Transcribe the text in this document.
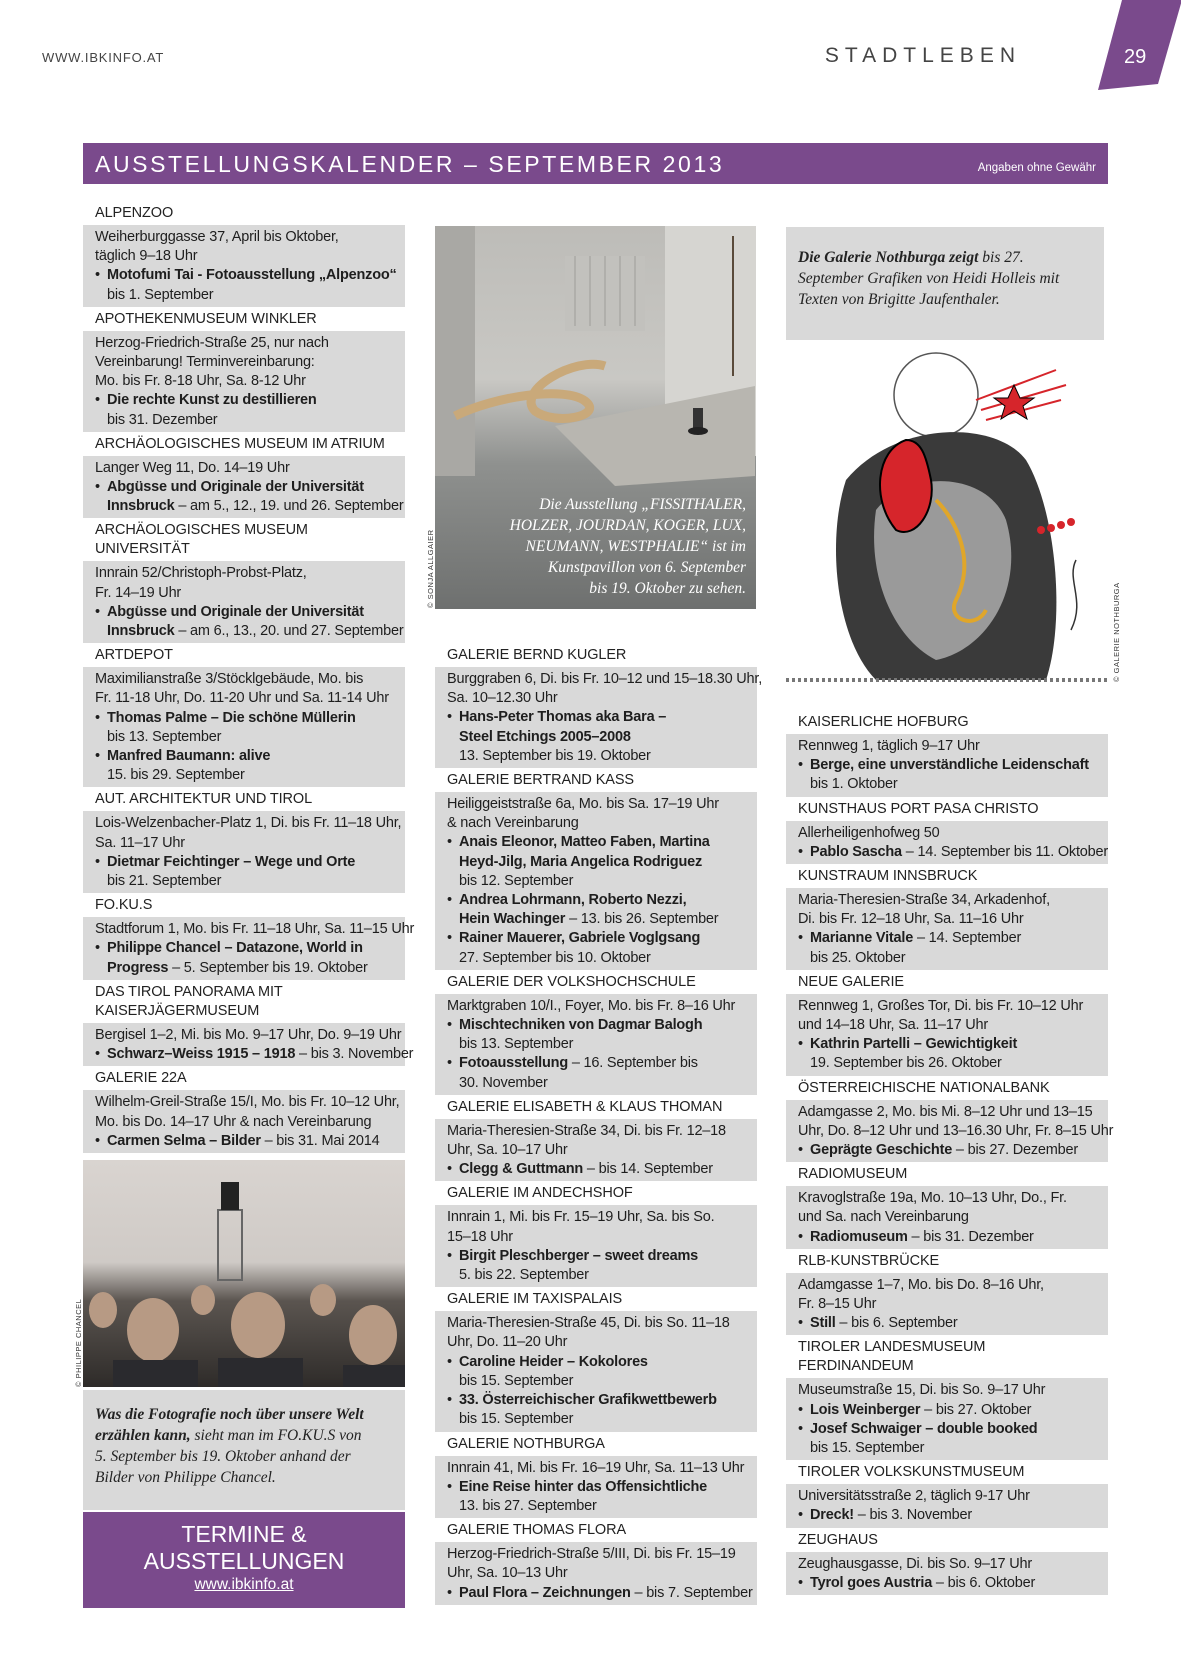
WWW.IBKINFO.AT	STADTLEBEN	29
AUSSTELLUNGSKALENDER – SEPTEMBER 2013	Angaben ohne Gewähr
ALPENZOO
Weiherburggasse 37, April bis Oktober,
täglich 9–18 Uhr
• Motofumi Tai - Fotoausstellung „Alpenzoo“
bis 1. September
APOTHEKENMUSEUM WINKLER
Herzog-Friedrich-Straße 25, nur nach
Vereinbarung! Terminvereinbarung:
Mo. bis Fr. 8-18 Uhr, Sa. 8-12 Uhr
• Die rechte Kunst zu destillieren
bis 31. Dezember
ARCHÄOLOGISCHES MUSEUM IM ATRIUM
Langer Weg 11, Do. 14–19 Uhr
• Abgüsse und Originale der Universität
Innsbruck – am 5., 12., 19. und 26. September
ARCHÄOLOGISCHES MUSEUM
UNIVERSITÄT
Innrain 52/Christoph-Probst-Platz,
Fr. 14–19 Uhr
• Abgüsse und Originale der Universität
Innsbruck – am 6., 13., 20. und 27. September
ARTDEPOT
Maximilianstraße 3/Stöcklgebäude, Mo. bis
Fr. 11-18 Uhr, Do. 11-20 Uhr und Sa. 11-14 Uhr
• Thomas Palme – Die schöne Müllerin
bis 13. September
• Manfred Baumann: alive
15. bis 29. September
AUT. ARCHITEKTUR UND TIROL
Lois-Welzenbacher-Platz 1, Di. bis Fr. 11–18 Uhr,
Sa. 11–17 Uhr
• Dietmar Feichtinger – Wege und Orte
bis 21. September
FO.KU.S
Stadtforum 1, Mo. bis Fr. 11–18 Uhr, Sa. 11–15 Uhr
• Philippe Chancel – Datazone, World in
Progress – 5. September bis 19. Oktober
DAS TIROL PANORAMA MIT
KAISERJÄGERMUSEUM
Bergisel 1–2, Mi. bis Mo. 9–17 Uhr, Do. 9–19 Uhr
• Schwarz–Weiss 1915 – 1918 – bis 3. November
GALERIE 22A
Wilhelm-Greil-Straße 15/I, Mo. bis Fr. 10–12 Uhr,
Mo. bis Do. 14–17 Uhr & nach Vereinbarung
• Carmen Selma – Bilder – bis 31. Mai 2014
GALERIE BERND KUGLER
Burggraben 6, Di. bis Fr. 10–12 und 15–18.30 Uhr,
Sa. 10–12.30 Uhr
• Hans-Peter Thomas aka Bara –
Steel Etchings 2005–2008
13. September bis 19. Oktober
GALERIE BERTRAND KASS
Heiliggeiststraße 6a, Mo. bis Sa. 17–19 Uhr
& nach Vereinbarung
• Anais Eleonor, Matteo Faben, Martina
Heyd-Jilg, Maria Angelica Rodriguez
bis 12. September
• Andrea Lohrmann, Roberto Nezzi,
Hein Wachinger – 13. bis 26. September
• Rainer Mauerer, Gabriele Voglgsang
27. September bis 10. Oktober
GALERIE DER VOLKSHOCHSCHULE
Marktgraben 10/I., Foyer, Mo. bis Fr. 8–16 Uhr
• Mischtechniken von Dagmar Balogh
bis 13. September
• Fotoausstellung – 16. September bis
30. November
GALERIE ELISABETH & KLAUS THOMAN
Maria-Theresien-Straße 34, Di. bis Fr. 12–18
Uhr, Sa. 10–17 Uhr
• Clegg & Guttmann – bis 14. September
GALERIE IM ANDECHSHOF
Innrain 1, Mi. bis Fr. 15–19 Uhr, Sa. bis So.
15–18 Uhr
• Birgit Pleschberger – sweet dreams
5. bis 22. September
GALERIE IM TAXISPALAIS
Maria-Theresien-Straße 45, Di. bis So. 11–18
Uhr, Do. 11–20 Uhr
• Caroline Heider – Kokolores
bis 15. September
• 33. Österreichischer Grafikwettbewerb
bis 15. September
GALERIE NOTHBURGA
Innrain 41, Mi. bis Fr. 16–19 Uhr, Sa. 11–13 Uhr
• Eine Reise hinter das Offensichtliche
13. bis 27. September
GALERIE THOMAS FLORA
Herzog-Friedrich-Straße 5/III, Di. bis Fr. 15–19
Uhr, Sa. 10–13 Uhr
• Paul Flora – Zeichnungen – bis 7. September
KAISERLICHE HOFBURG
Rennweg 1, täglich 9–17 Uhr
• Berge, eine unverständliche Leidenschaft
bis 1. Oktober
KUNSTHAUS PORT PASA CHRISTO
Allerheiligenhofweg 50
• Pablo Sascha – 14. September bis 11. Oktober
KUNSTRAUM INNSBRUCK
Maria-Theresien-Straße 34, Arkadenhof,
Di. bis Fr. 12–18 Uhr, Sa. 11–16 Uhr
• Marianne Vitale – 14. September
bis 25. Oktober
NEUE GALERIE
Rennweg 1, Großes Tor, Di. bis Fr. 10–12 Uhr
und 14–18 Uhr, Sa. 11–17 Uhr
• Kathrin Partelli – Gewichtigkeit
19. September bis 26. Oktober
ÖSTERREICHISCHE NATIONALBANK
Adamgasse 2, Mo. bis Mi. 8–12 Uhr und 13–15
Uhr, Do. 8–12 Uhr und 13–16.30 Uhr, Fr. 8–15 Uhr
• Geprägte Geschichte – bis 27. Dezember
RADIOMUSEUM
Kravoglstraße 19a, Mo. 10–13 Uhr, Do., Fr.
und Sa. nach Vereinbarung
• Radiomuseum – bis 31. Dezember
RLB-KUNSTBRÜCKE
Adamgasse 1–7, Mo. bis Do. 8–16 Uhr,
Fr. 8–15 Uhr
• Still – bis 6. September
TIROLER LANDESMUSEUM
FERDINANDEUM
Museumstraße 15, Di. bis So. 9–17 Uhr
• Lois Weinberger – bis 27. Oktober
• Josef Schwaiger – double booked
bis 15. September
TIROLER VOLKSKUNSTMUSEUM
Universitätsstraße 2, täglich 9-17 Uhr
• Dreck! – bis 3. November
ZEUGHAUS
Zeughausgasse, Di. bis So. 9–17 Uhr
• Tyrol goes Austria – bis 6. Oktober
© SONJA ALLGAIER
Die Ausstellung „FISSITHALER,
HOLZER, JOURDAN, KOGER, LUX,
NEUMANN, WESTPHALIE“ ist im
Kunstpavillon von 6. September
bis 19. Oktober zu sehen.
Die Galerie Nothburga zeigt bis 27.
September Grafiken von Heidi Holleis mit
Texten von Brigitte Jaufenthaler.
© GALERIE NOTHBURGA
© PHILIPPE CHANCEL
Was die Fotografie noch über unsere Welt
erzählen kann, sieht man im FO.KU.S von
5. September bis 19. Oktober anhand der
Bilder von Philippe Chancel.
TERMINE &
AUSSTELLUNGEN
www.ibkinfo.at
